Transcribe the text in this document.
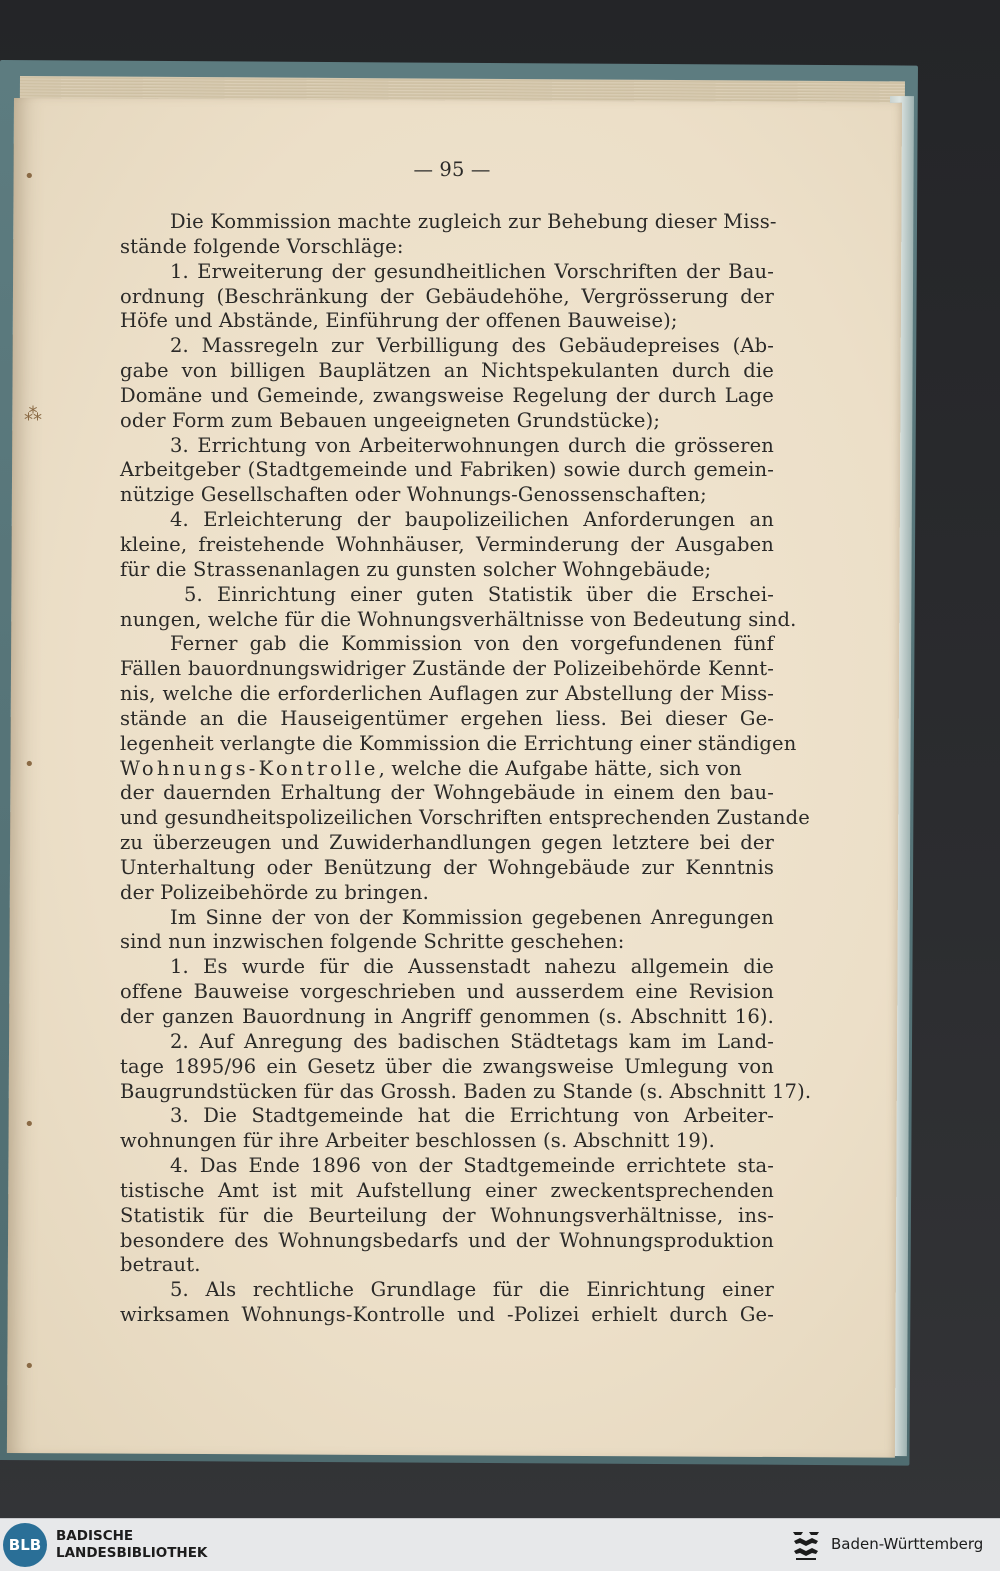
•
⁂
•
•
•
— 95 —
Die Kommission machte zugleich zur Behebung dieser Miss-
stände folgende Vorschläge:
1. Erweiterung der gesundheitlichen Vorschriften der Bau-
ordnung (Beschränkung der Gebäudehöhe, Vergrösserung der
Höfe und Abstände, Einführung der offenen Bauweise);
2. Massregeln zur Verbilligung des Gebäudepreises (Ab-
gabe von billigen Bauplätzen an Nichtspekulanten durch die
Domäne und Gemeinde, zwangsweise Regelung der durch Lage
oder Form zum Bebauen ungeeigneten Grundstücke);
3. Errichtung von Arbeiterwohnungen durch die grösseren
Arbeitgeber (Stadtgemeinde und Fabriken) sowie durch gemein-
nützige Gesellschaften oder Wohnungs-Genossenschaften;
4. Erleichterung der baupolizeilichen Anforderungen an
kleine, freistehende Wohnhäuser, Verminderung der Ausgaben
für die Strassenanlagen zu gunsten solcher Wohngebäude;
5. Einrichtung einer guten Statistik über die Erschei-
nungen, welche für die Wohnungsverhältnisse von Bedeutung sind.
Ferner gab die Kommission von den vorgefundenen fünf
Fällen bauordnungswidriger Zustände der Polizeibehörde Kennt-
nis, welche die erforderlichen Auflagen zur Abstellung der Miss-
stände an die Hauseigentümer ergehen liess. Bei dieser Ge-
legenheit verlangte die Kommission die Errichtung einer ständigen
Wohnungs-Kontrolle, welche die Aufgabe hätte, sich von
der dauernden Erhaltung der Wohngebäude in einem den bau-
und gesundheitspolizeilichen Vorschriften entsprechenden Zustande
zu überzeugen und Zuwiderhandlungen gegen letztere bei der
Unterhaltung oder Benützung der Wohngebäude zur Kenntnis
der Polizeibehörde zu bringen.
Im Sinne der von der Kommission gegebenen Anregungen
sind nun inzwischen folgende Schritte geschehen:
1. Es wurde für die Aussenstadt nahezu allgemein die
offene Bauweise vorgeschrieben und ausserdem eine Revision
der ganzen Bauordnung in Angriff genommen (s. Abschnitt 16).
2. Auf Anregung des badischen Städtetags kam im Land-
tage 1895/96 ein Gesetz über die zwangsweise Umlegung von
Baugrundstücken für das Grossh. Baden zu Stande (s. Abschnitt 17).
3. Die Stadtgemeinde hat die Errichtung von Arbeiter-
wohnungen für ihre Arbeiter beschlossen (s. Abschnitt 19).
4. Das Ende 1896 von der Stadtgemeinde errichtete sta-
tistische Amt ist mit Aufstellung einer zweckentsprechenden
Statistik für die Beurteilung der Wohnungsverhältnisse, ins-
besondere des Wohnungsbedarfs und der Wohnungsproduktion
betraut.
5. Als rechtliche Grundlage für die Einrichtung einer
wirksamen Wohnungs-Kontrolle und -Polizei erhielt durch Ge-
BLB	BADISCHE
LANDESBIBLIOTHEK	Baden-Württemberg
